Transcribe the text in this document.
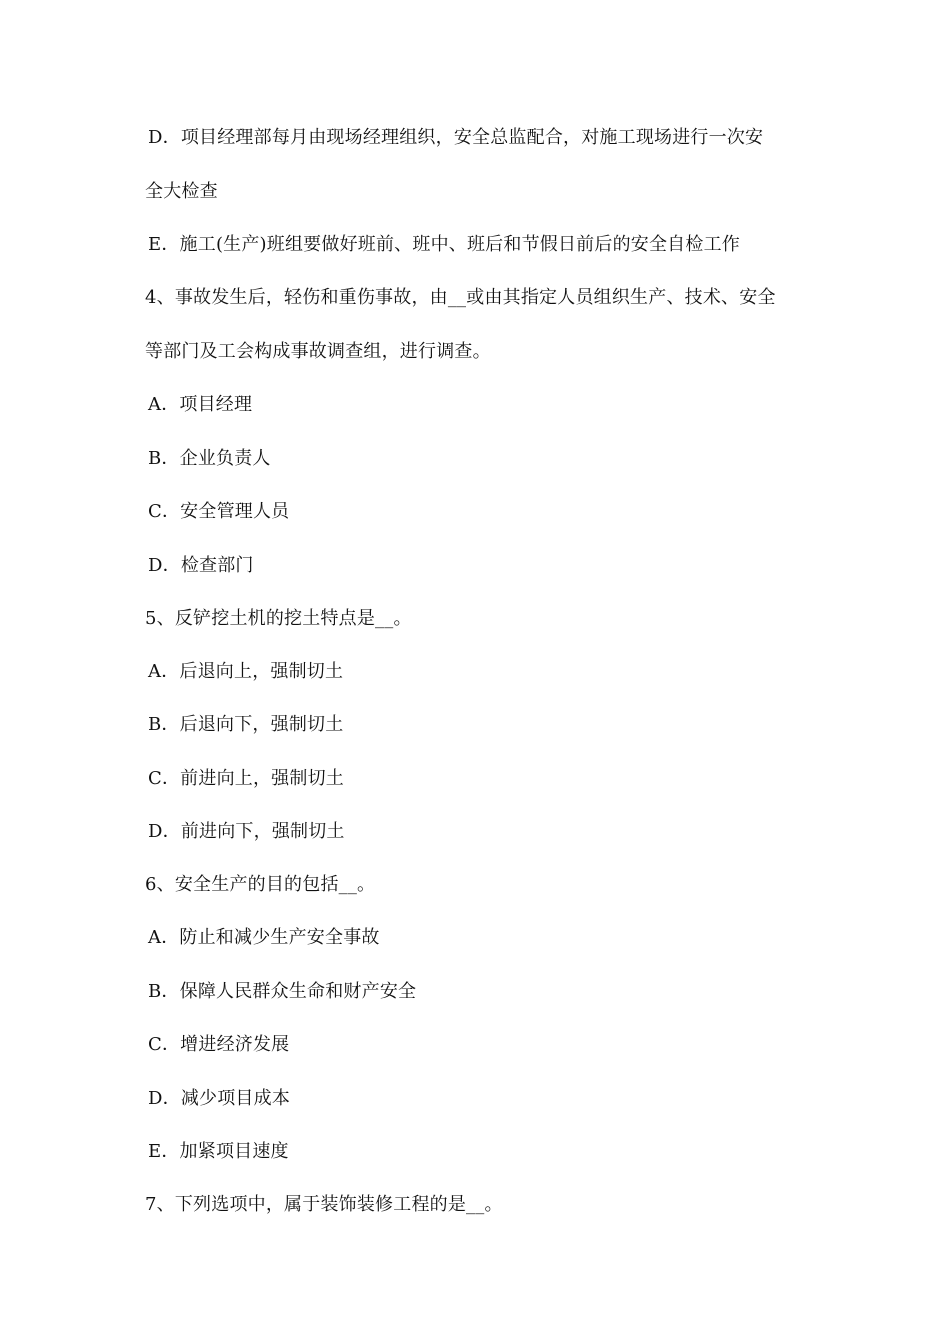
D．项目经理部每月由现场经理组织，安全总监配合，对施工现场进行一次安
全大检查
E．施工(生产)班组要做好班前、班中、班后和节假日前后的安全自检工作
4、事故发生后，轻伤和重伤事故，由__或由其指定人员组织生产、技术、安全
等部门及工会构成事故调查组，进行调查。
A．项目经理
B．企业负责人
C．安全管理人员
D．检查部门
5、反铲挖土机的挖土特点是__。
A．后退向上，强制切土
B．后退向下，强制切土
C．前进向上，强制切土
D．前进向下，强制切土
6、安全生产的目的包括__。
A．防止和减少生产安全事故
B．保障人民群众生命和财产安全
C．增进经济发展
D．减少项目成本
E．加紧项目速度
7、下列选项中，属于装饰装修工程的是__。
